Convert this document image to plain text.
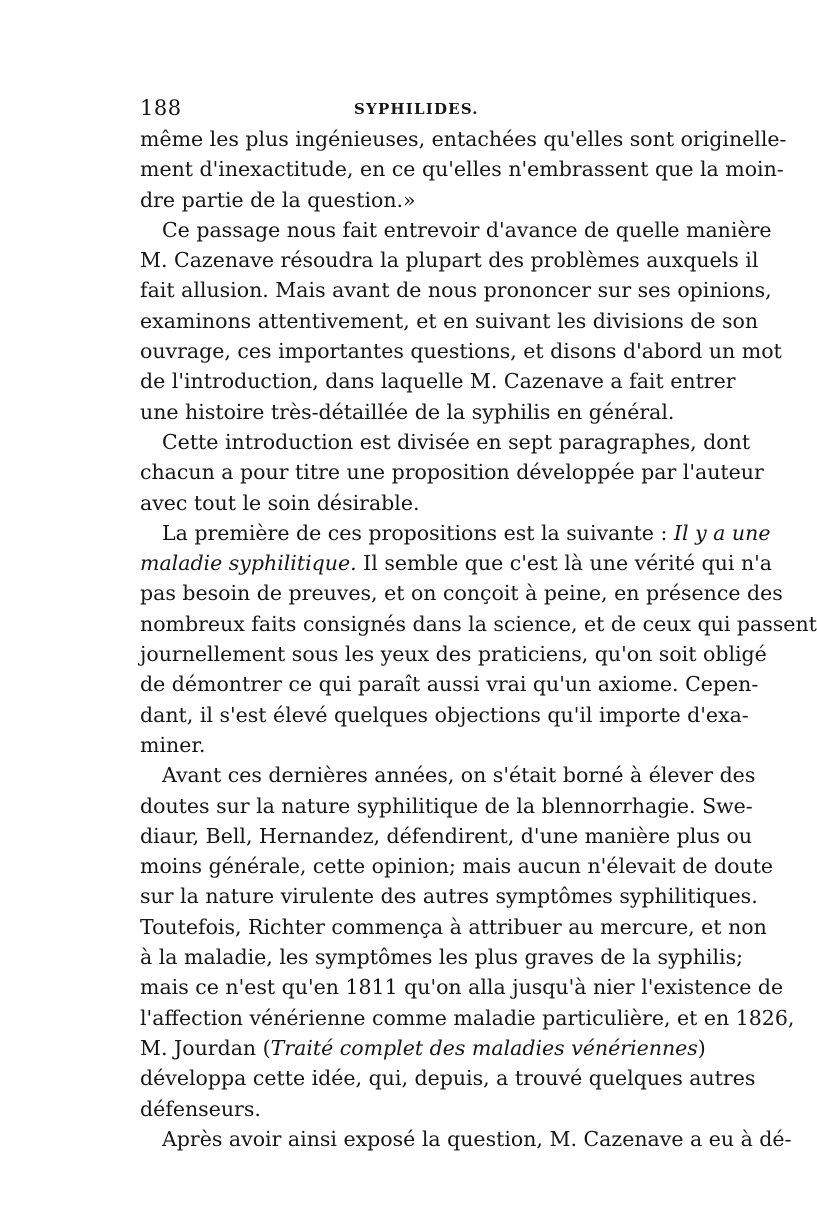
188	SYPHILIDES.
même les plus ingénieuses, entachées qu'elles sont originelle-
ment d'inexactitude, en ce qu'elles n'embrassent que la moin-
dre partie de la question.»
Ce passage nous fait entrevoir d'avance de quelle manière
M. Cazenave résoudra la plupart des problèmes auxquels il
fait allusion. Mais avant de nous prononcer sur ses opinions,
examinons attentivement, et en suivant les divisions de son
ouvrage, ces importantes questions, et disons d'abord un mot
de l'introduction, dans laquelle M. Cazenave a fait entrer
une histoire très-détaillée de la syphilis en général.
Cette introduction est divisée en sept paragraphes, dont
chacun a pour titre une proposition développée par l'auteur
avec tout le soin désirable.
La première de ces propositions est la suivante : Il y a une
maladie syphilitique. Il semble que c'est là une vérité qui n'a
pas besoin de preuves, et on conçoit à peine, en présence des
nombreux faits consignés dans la science, et de ceux qui passent
journellement sous les yeux des praticiens, qu'on soit obligé
de démontrer ce qui paraît aussi vrai qu'un axiome. Cepen-
dant, il s'est élevé quelques objections qu'il importe d'exa-
miner.
Avant ces dernières années, on s'était borné à élever des
doutes sur la nature syphilitique de la blennorrhagie. Swe-
diaur, Bell, Hernandez, défendirent, d'une manière plus ou
moins générale, cette opinion; mais aucun n'élevait de doute
sur la nature virulente des autres symptômes syphilitiques.
Toutefois, Richter commença à attribuer au mercure, et non
à la maladie, les symptômes les plus graves de la syphilis;
mais ce n'est qu'en 1811 qu'on alla jusqu'à nier l'existence de
l'affection vénérienne comme maladie particulière, et en 1826,
M. Jourdan (Traité complet des maladies vénériennes)
développa cette idée, qui, depuis, a trouvé quelques autres
défenseurs.
Après avoir ainsi exposé la question, M. Cazenave a eu à dé-
